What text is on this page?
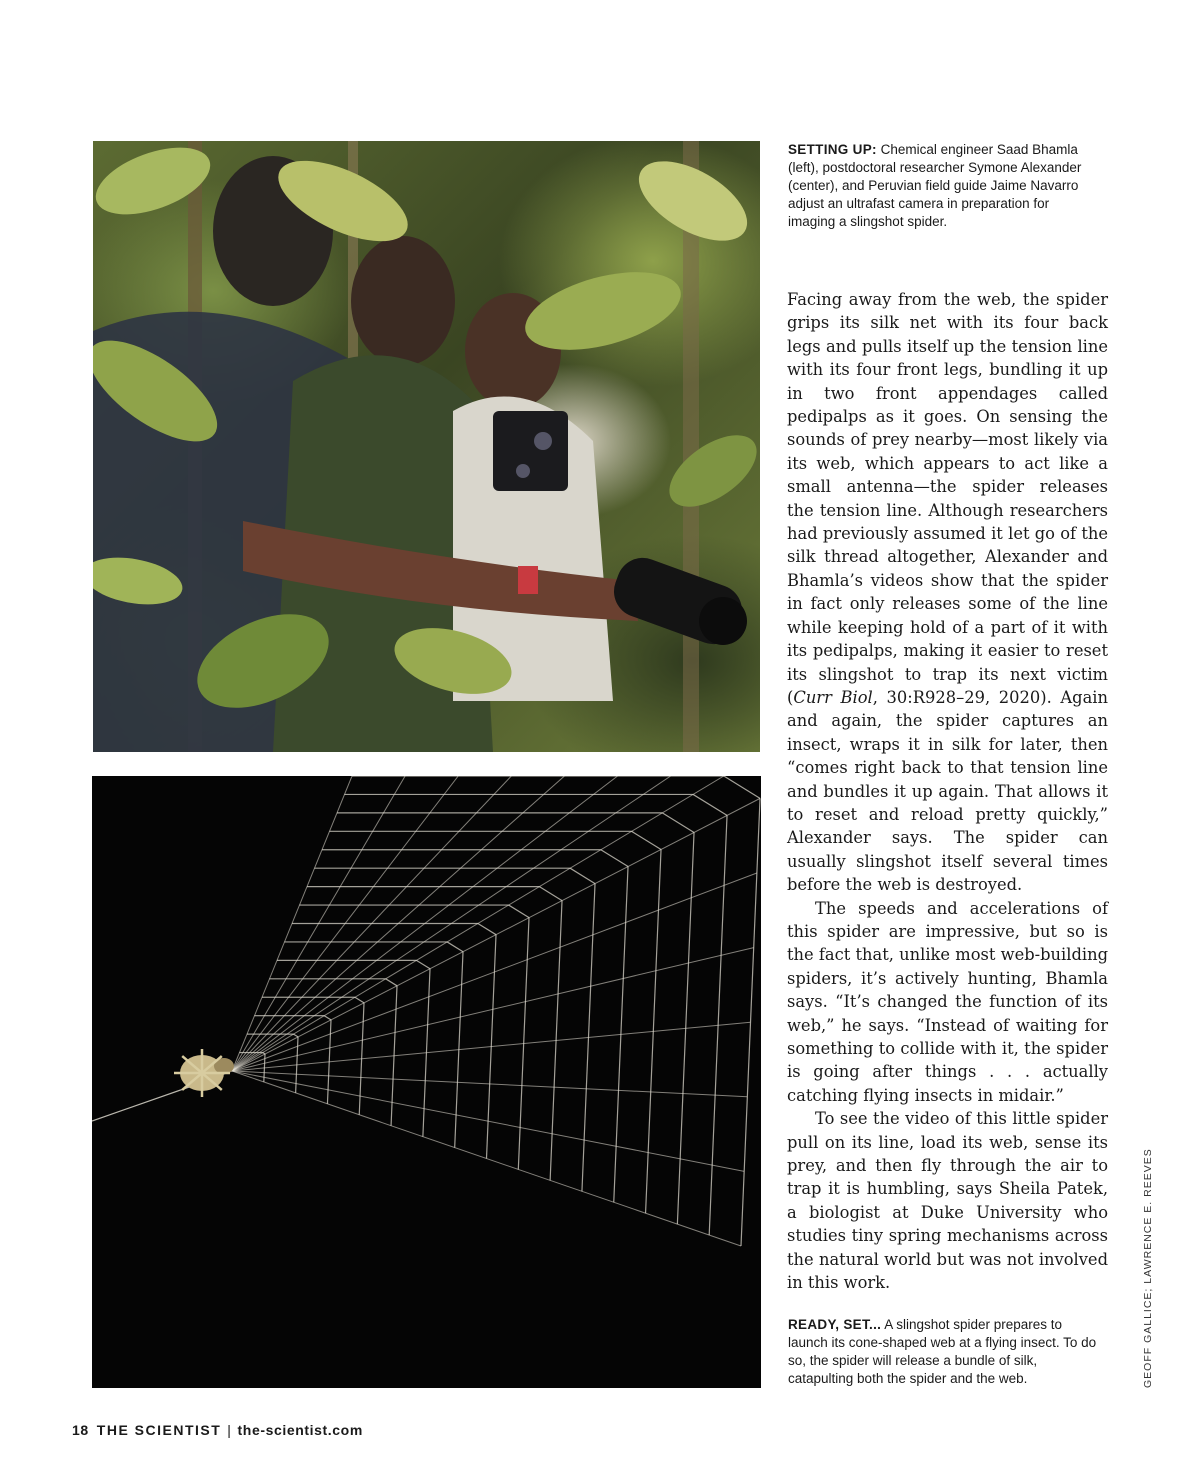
SETTING UP: Chemical engineer Saad Bhamla (left), postdoctoral researcher Symone Alexander (center), and Peruvian field guide Jaime Navarro adjust an ultrafast camera in preparation for imaging a slingshot spider.

Facing away from the web, the spider grips its silk net with its four back legs and pulls itself up the tension line with its four front legs, bundling it up in two front appendages called pedipalps as it goes. On sensing the sounds of prey nearby—most likely via its web, which appears to act like a small antenna—the spider releases the tension line. Although researchers had previously assumed it let go of the silk thread altogether, Alexander and Bhamla’s videos show that the spider in fact only releases some of the line while keeping hold of a part of it with its pedipalps, making it easier to reset its slingshot to trap its next victim (Curr Biol, 30:R928–29, 2020). Again and again, the spider captures an insect, wraps it in silk for later, then “comes right back to that tension line and bundles it up again. That allows it to reset and reload pretty quickly,” Alexander says. The spider can usually slingshot itself several times before the web is destroyed.

The speeds and accelerations of this spider are impressive, but so is the fact that, unlike most web-building spiders, it’s actively hunting, Bhamla says. “It’s changed the function of its web,” he says. “Instead of waiting for something to collide with it, the spider is going after things . . . actually catching flying insects in midair.”

To see the video of this little spider pull on its line, load its web, sense its prey, and then fly through the air to trap it is humbling, says Sheila Patek, a biologist at Duke University who studies tiny spring mechanisms across the natural world but was not involved in this work.

READY, SET... A slingshot spider prepares to launch its cone-shaped web at a flying insect. To do so, the spider will release a bundle of silk, catapulting both the spider and the web.	GEOFF GALLICE; LAWRENCE E. REEVES
18 THE SCIENTIST | the-scientist.com
